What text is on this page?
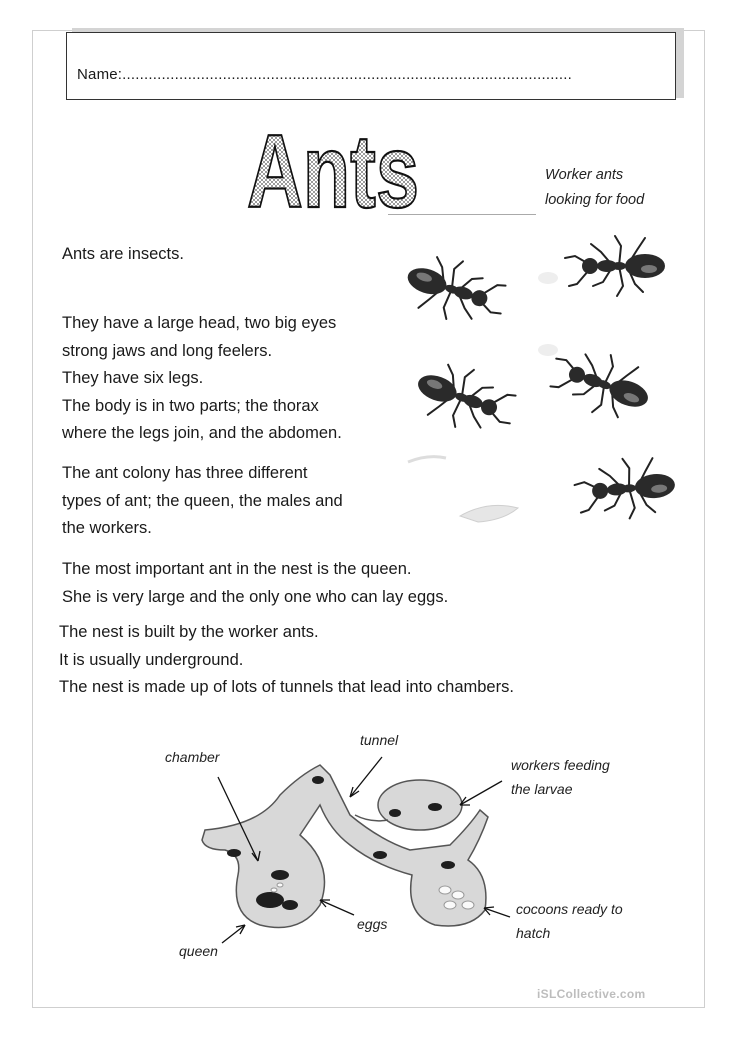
Name:.......................................................................................................
Ants	Worker ants
looking for food
Ants are insects.
They have a large head, two big eyes
strong jaws and long feelers.
They have six legs.
The body is in two parts; the thorax
where the legs join, and the abdomen.
The ant colony has three different
types of ant; the queen, the males and
the workers.
The most important ant in the nest is the queen.
She is very large and the only one who can lay eggs.
The nest is built by the worker ants.
It is usually underground.
The nest is made up of lots of tunnels that lead into chambers.
chamber
tunnel
workers feeding
the larvae
eggs
cocoons ready to
hatch
queen
iSLCollective.com
